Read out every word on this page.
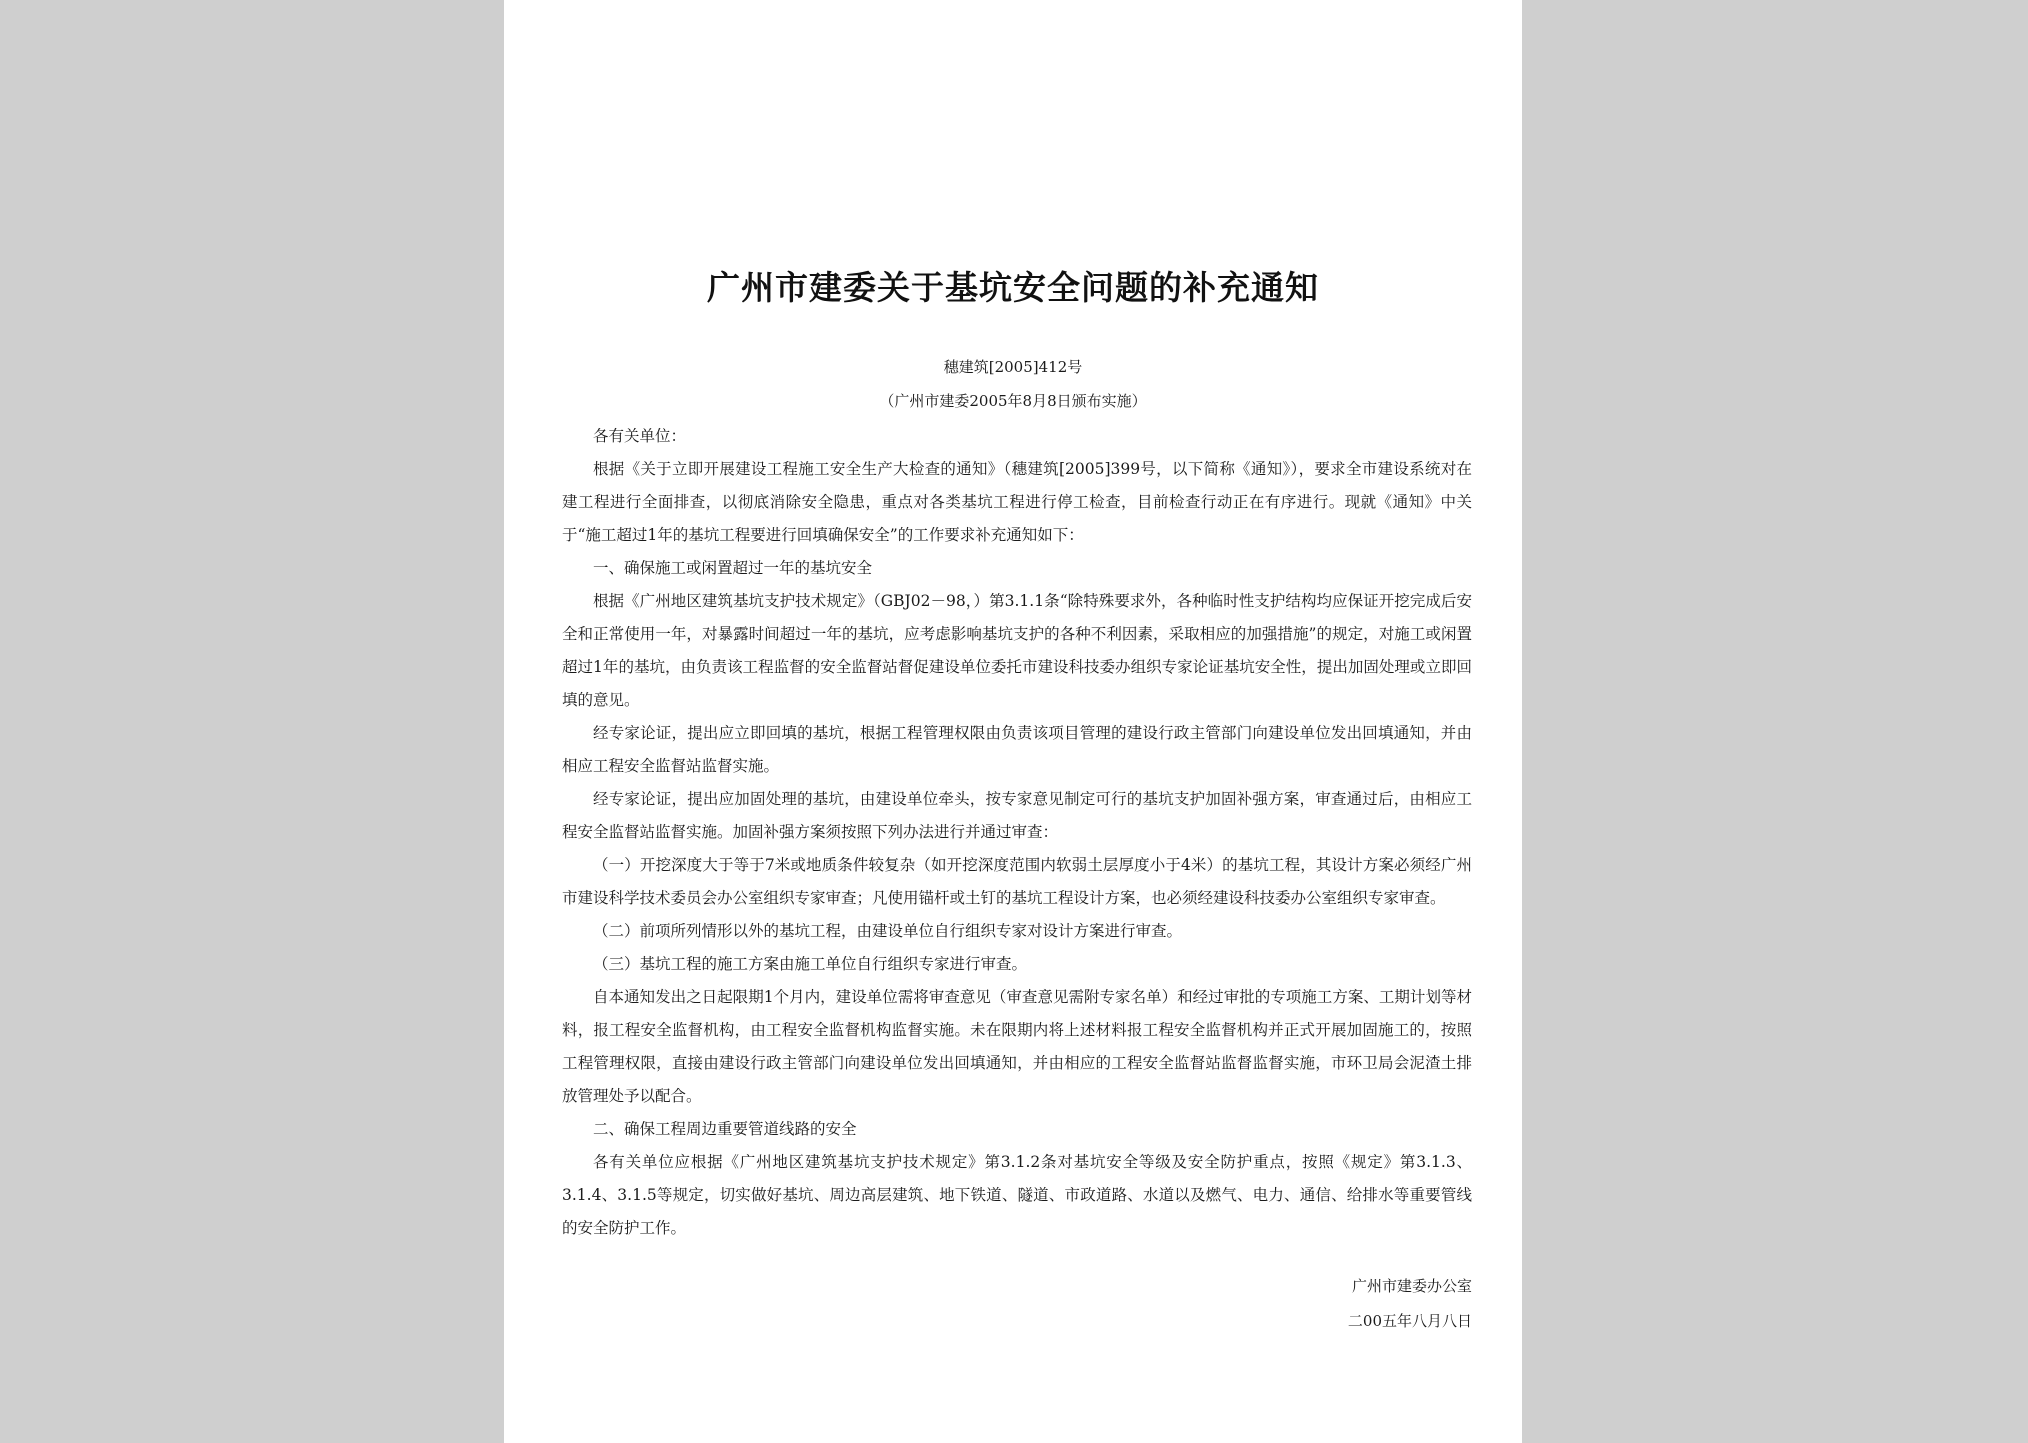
广州市建委关于基坑安全问题的补充通知
穗建筑[2005]412号
（广州市建委2005年8月8日颁布实施）

各有关单位：

根据《关于立即开展建设工程施工安全生产大检查的通知》（穗建筑[2005]399号，以下简称《通知》），要求全市建设系统对在建工程进行全面排查，以彻底消除安全隐患，重点对各类基坑工程进行停工检查，目前检查行动正在有序进行。现就《通知》中关于“施工超过1年的基坑工程要进行回填确保安全”的工作要求补充通知如下：

一、确保施工或闲置超过一年的基坑安全

根据《广州地区建筑基坑支护技术规定》（GBJ02－98，）第3.1.1条“除特殊要求外，各种临时性支护结构均应保证开挖完成后安全和正常使用一年，对暴露时间超过一年的基坑，应考虑影响基坑支护的各种不利因素，采取相应的加强措施”的规定，对施工或闲置超过1年的基坑，由负责该工程监督的安全监督站督促建设单位委托市建设科技委办组织专家论证基坑安全性，提出加固处理或立即回填的意见。

经专家论证，提出应立即回填的基坑，根据工程管理权限由负责该项目管理的建设行政主管部门向建设单位发出回填通知，并由相应工程安全监督站监督实施。

经专家论证，提出应加固处理的基坑，由建设单位牵头，按专家意见制定可行的基坑支护加固补强方案，审查通过后，由相应工程安全监督站监督实施。加固补强方案须按照下列办法进行并通过审查：

（一）开挖深度大于等于7米或地质条件较复杂（如开挖深度范围内软弱土层厚度小于4米）的基坑工程，其设计方案必须经广州市建设科学技术委员会办公室组织专家审查；凡使用锚杆或土钉的基坑工程设计方案，也必须经建设科技委办公室组织专家审查。

（二）前项所列情形以外的基坑工程，由建设单位自行组织专家对设计方案进行审查。

（三）基坑工程的施工方案由施工单位自行组织专家进行审查。

自本通知发出之日起限期1个月内，建设单位需将审查意见（审查意见需附专家名单）和经过审批的专项施工方案、工期计划等材料，报工程安全监督机构，由工程安全监督机构监督实施。未在限期内将上述材料报工程安全监督机构并正式开展加固施工的，按照工程管理权限，直接由建设行政主管部门向建设单位发出回填通知，并由相应的工程安全监督站监督监督实施，市环卫局会泥渣土排放管理处予以配合。

二、确保工程周边重要管道线路的安全

各有关单位应根据《广州地区建筑基坑支护技术规定》第3.1.2条对基坑安全等级及安全防护重点，按照《规定》第3.1.3、3.1.4、3.1.5等规定，切实做好基坑、周边高层建筑、地下铁道、隧道、市政道路、水道以及燃气、电力、通信、给排水等重要管线的安全防护工作。

广州市建委办公室
二00五年八月八日
